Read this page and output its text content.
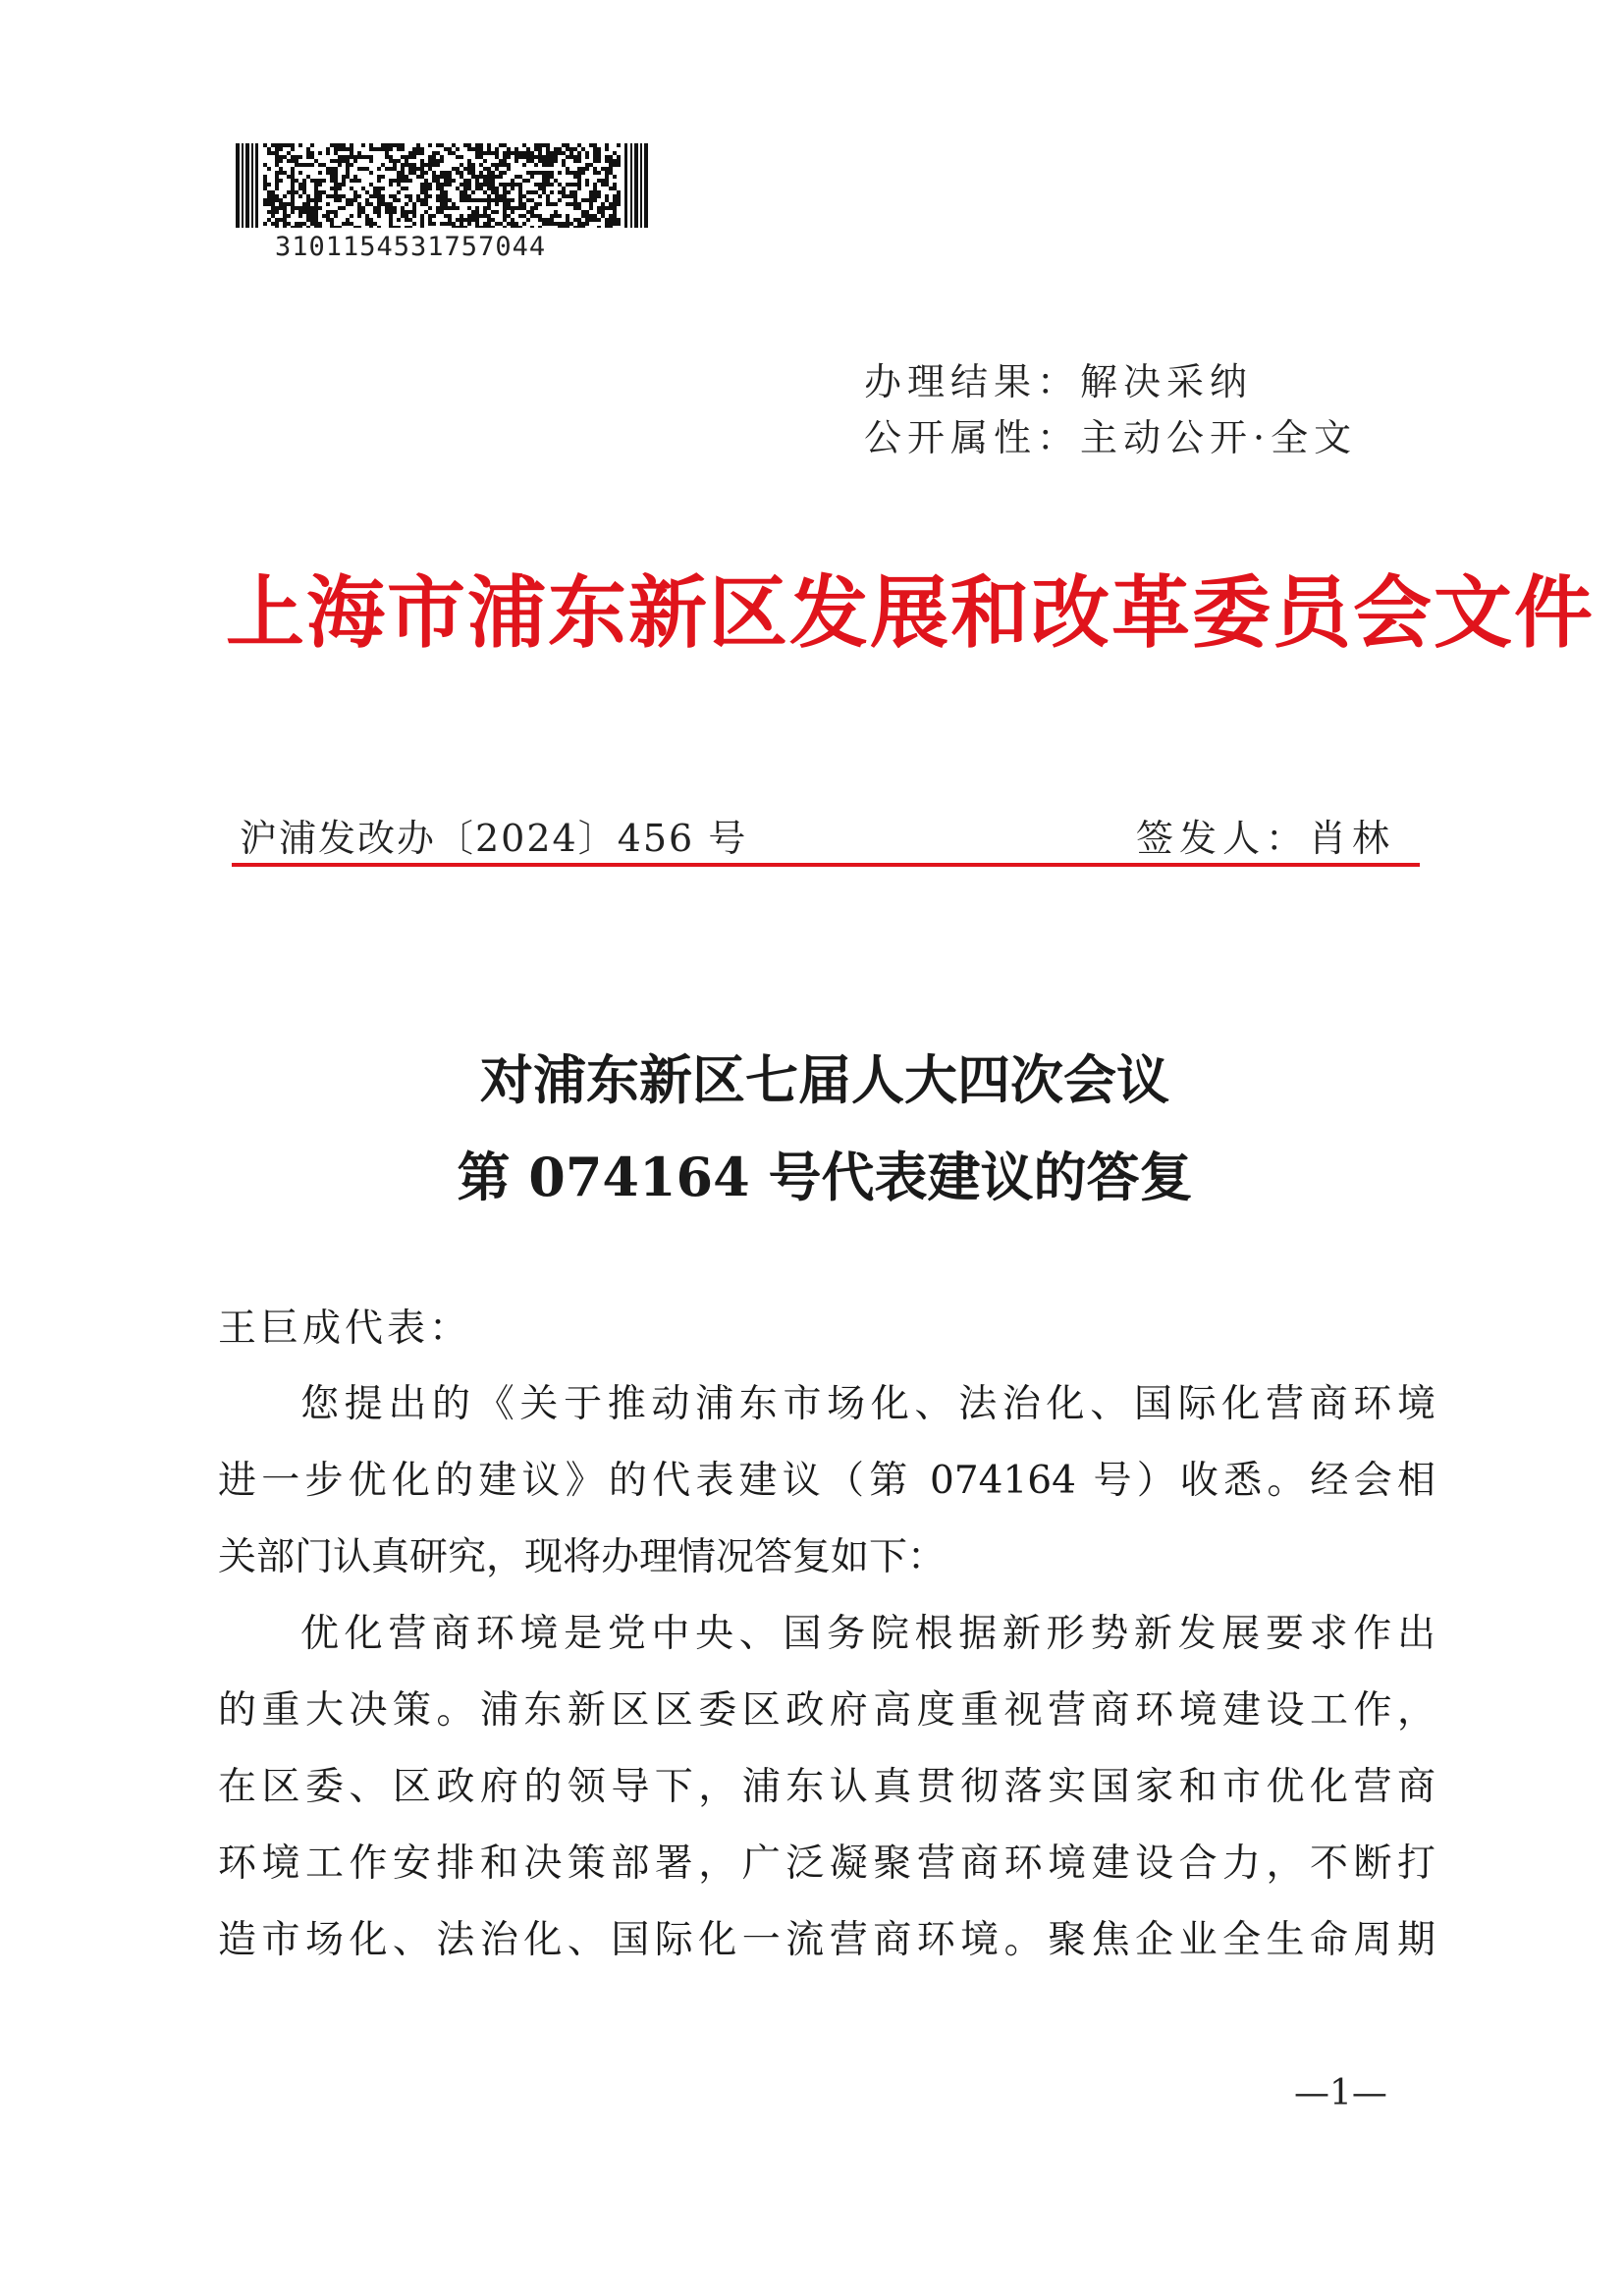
3101154531757044
办理结果：解决采纳
公开属性：主动公开·全文
上海市浦东新区发展和改革委员会文件
沪浦发改办〔2024〕456 号	签发人：肖林
对浦东新区七届人大四次会议
第 074164 号代表建议的答复
王巨成代表：
您提出的《关于推动浦东市场化、法治化、国际化营商环境
进一步优化的建议》的代表建议（第 074164 号）收悉。经会相
关部门认真研究，现将办理情况答复如下：
优化营商环境是党中央、国务院根据新形势新发展要求作出
的重大决策。浦东新区区委区政府高度重视营商环境建设工作，
在区委、区政府的领导下，浦东认真贯彻落实国家和市优化营商
环境工作安排和决策部署，广泛凝聚营商环境建设合力，不断打
造市场化、法治化、国际化一流营商环境。聚焦企业全生命周期
—1—
